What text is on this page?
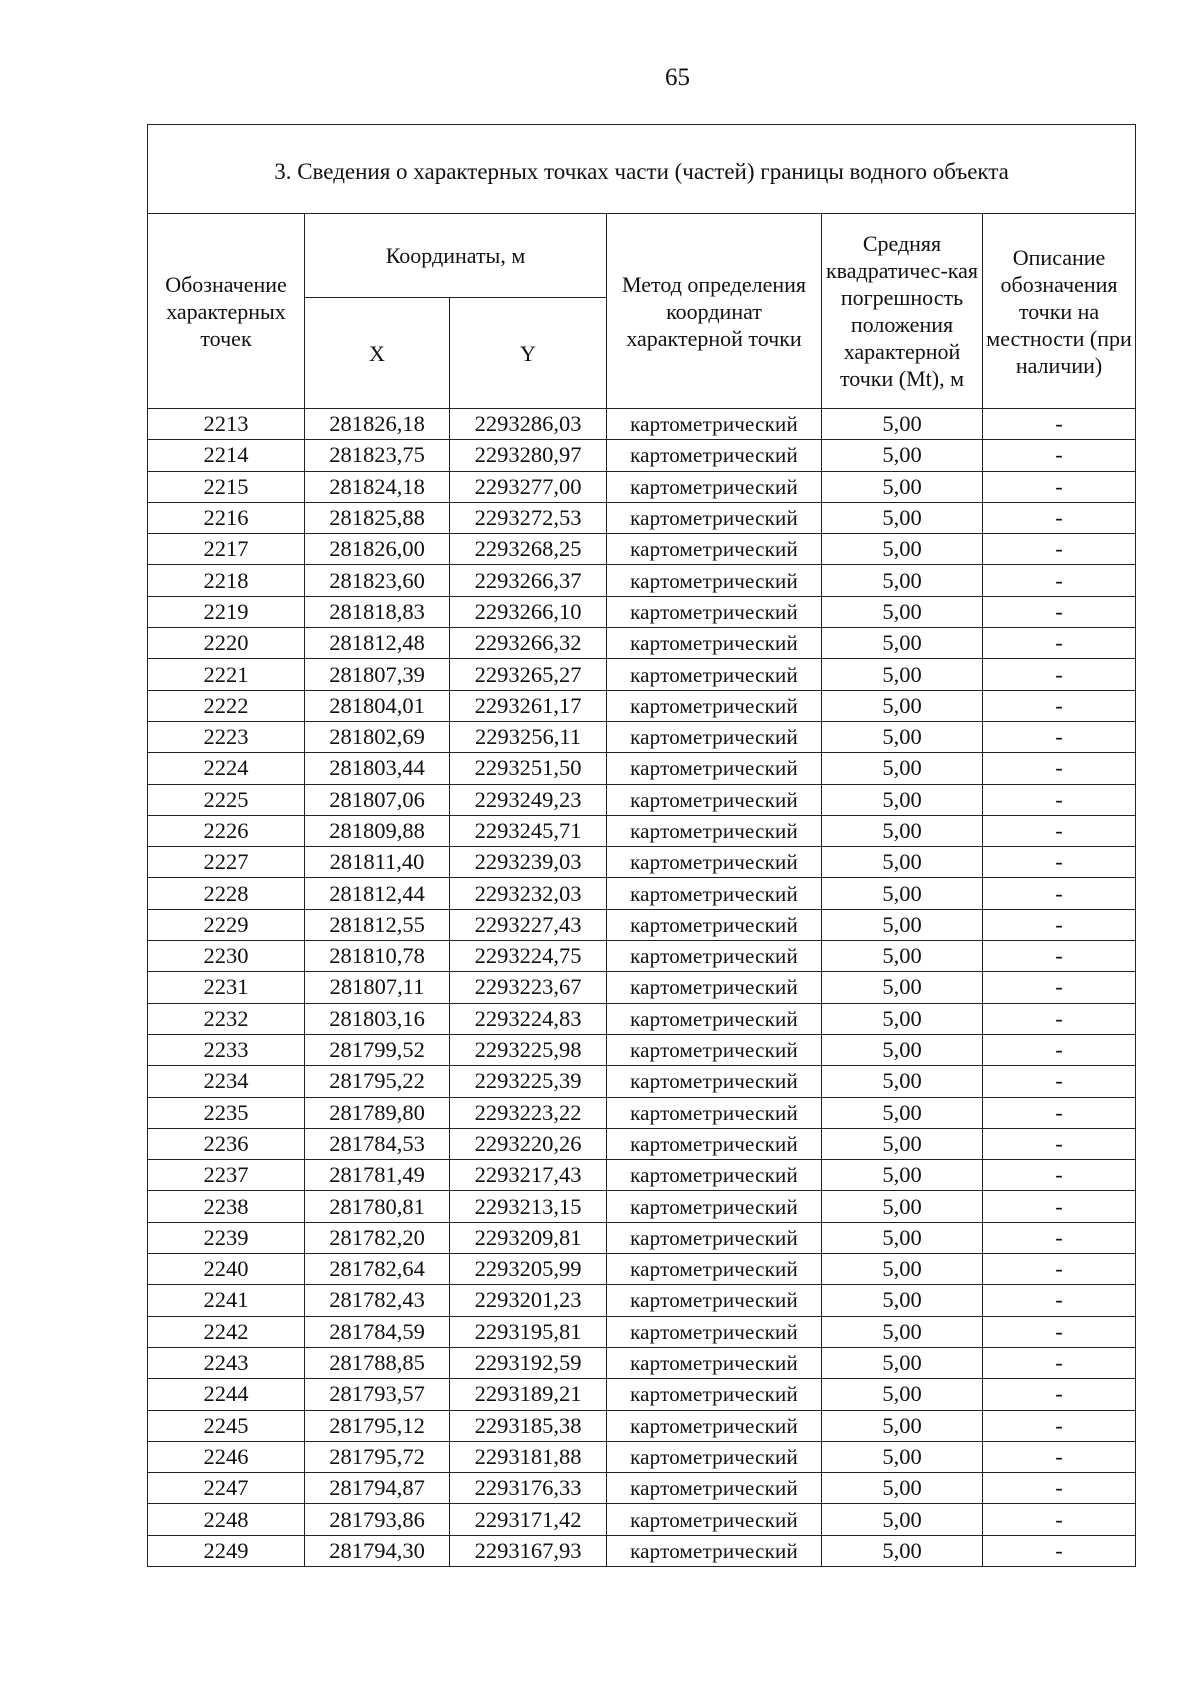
65
3. Сведения о характерных точках части (частей) границы водного объекта					
Обозначение характерных точек	Координаты, м		Метод определения координат характерной точки	Средняя квадратичес-кая погрешность положения характерной точки (Mt), м	Описание обозначения точки на местности (при наличии)
	X	Y			
2213	281826,18	2293286,03	картометрический	5,00	-
2214	281823,75	2293280,97	картометрический	5,00	-
2215	281824,18	2293277,00	картометрический	5,00	-
2216	281825,88	2293272,53	картометрический	5,00	-
2217	281826,00	2293268,25	картометрический	5,00	-
2218	281823,60	2293266,37	картометрический	5,00	-
2219	281818,83	2293266,10	картометрический	5,00	-
2220	281812,48	2293266,32	картометрический	5,00	-
2221	281807,39	2293265,27	картометрический	5,00	-
2222	281804,01	2293261,17	картометрический	5,00	-
2223	281802,69	2293256,11	картометрический	5,00	-
2224	281803,44	2293251,50	картометрический	5,00	-
2225	281807,06	2293249,23	картометрический	5,00	-
2226	281809,88	2293245,71	картометрический	5,00	-
2227	281811,40	2293239,03	картометрический	5,00	-
2228	281812,44	2293232,03	картометрический	5,00	-
2229	281812,55	2293227,43	картометрический	5,00	-
2230	281810,78	2293224,75	картометрический	5,00	-
2231	281807,11	2293223,67	картометрический	5,00	-
2232	281803,16	2293224,83	картометрический	5,00	-
2233	281799,52	2293225,98	картометрический	5,00	-
2234	281795,22	2293225,39	картометрический	5,00	-
2235	281789,80	2293223,22	картометрический	5,00	-
2236	281784,53	2293220,26	картометрический	5,00	-
2237	281781,49	2293217,43	картометрический	5,00	-
2238	281780,81	2293213,15	картометрический	5,00	-
2239	281782,20	2293209,81	картометрический	5,00	-
2240	281782,64	2293205,99	картометрический	5,00	-
2241	281782,43	2293201,23	картометрический	5,00	-
2242	281784,59	2293195,81	картометрический	5,00	-
2243	281788,85	2293192,59	картометрический	5,00	-
2244	281793,57	2293189,21	картометрический	5,00	-
2245	281795,12	2293185,38	картометрический	5,00	-
2246	281795,72	2293181,88	картометрический	5,00	-
2247	281794,87	2293176,33	картометрический	5,00	-
2248	281793,86	2293171,42	картометрический	5,00	-
2249	281794,30	2293167,93	картометрический	5,00	-
